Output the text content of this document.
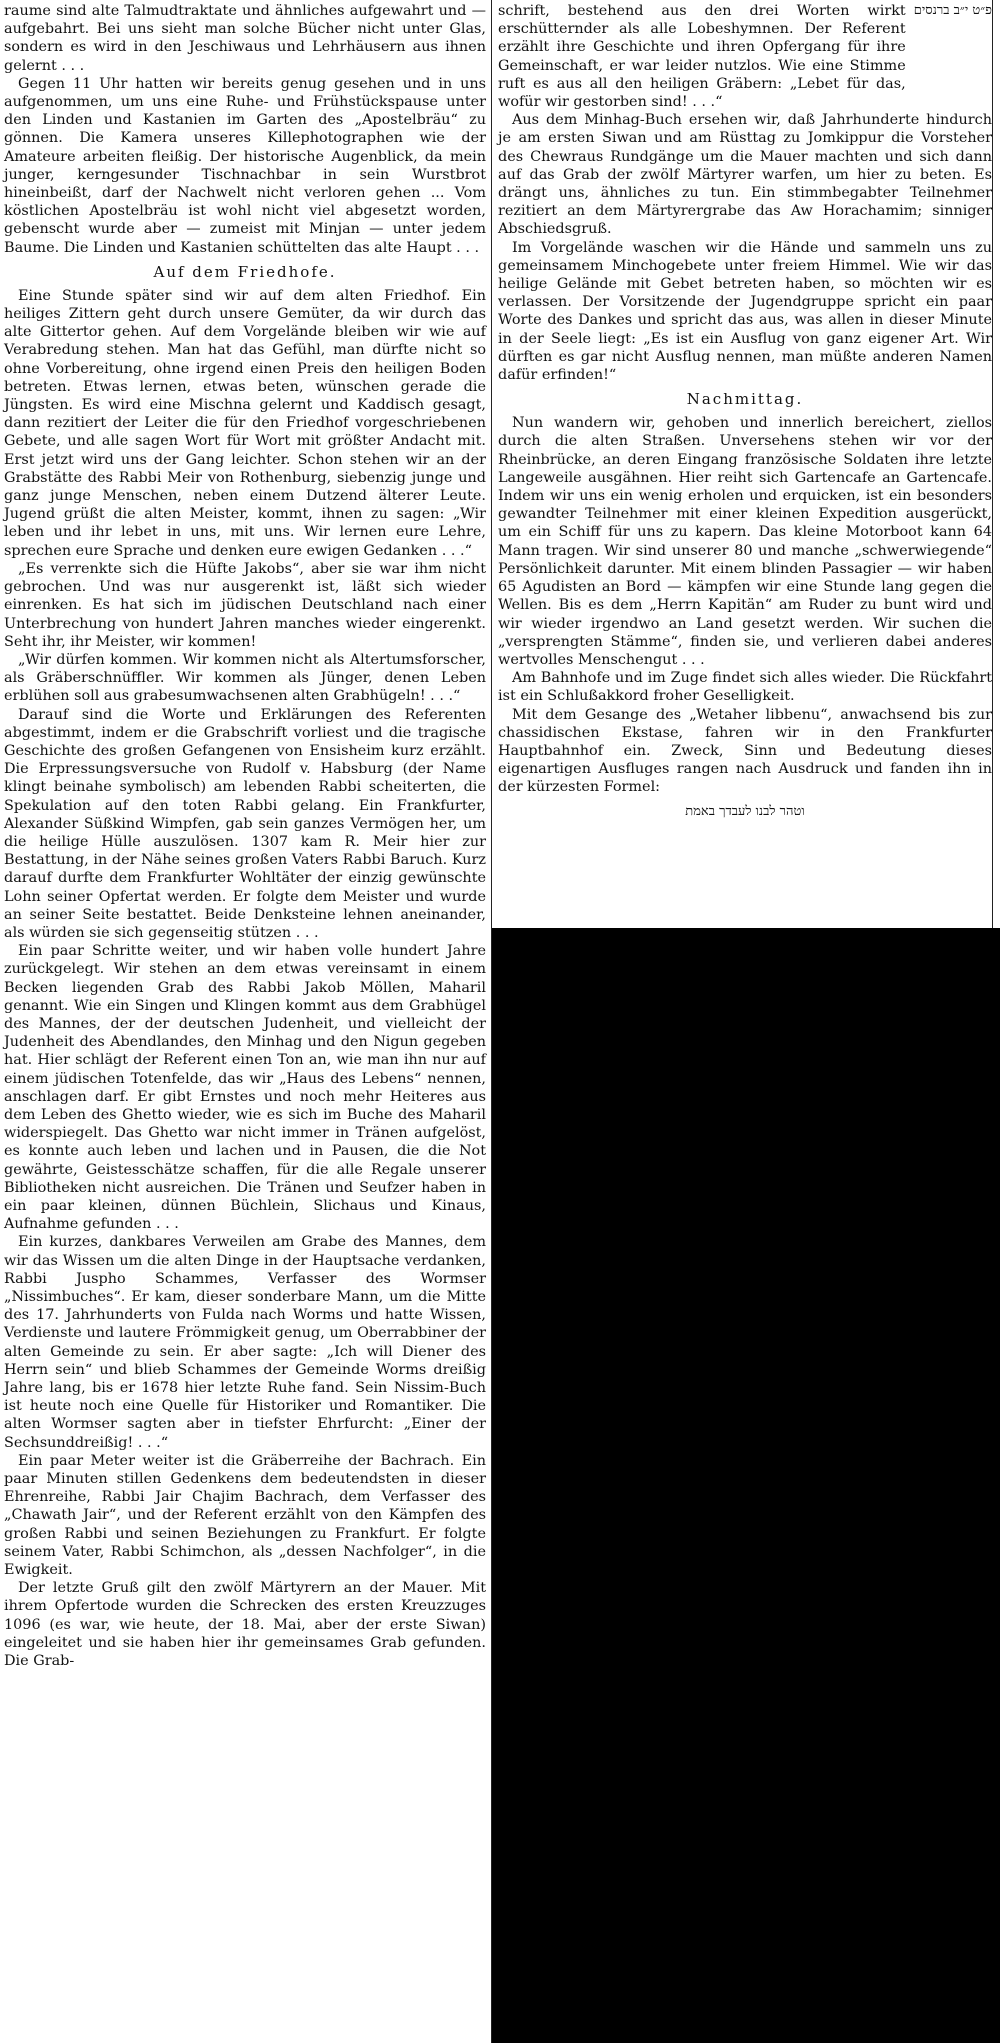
raume sind alte Talmudtraktate und ähnliches aufgewahrt und — aufgebahrt. Bei uns sieht man solche Bücher nicht unter Glas, sondern es wird in den Jeschiwaus und Lehrhäusern aus ihnen gelernt . . .

Gegen 11 Uhr hatten wir bereits genug gesehen und in uns aufgenommen, um uns eine Ruhe- und Frühstückspause unter den Linden und Kastanien im Garten des „Apostelbräu“ zu gönnen. Die Kamera unseres Killephotographen wie der Amateure arbeiten fleißig. Der historische Augenblick, da mein junger, kerngesunder Tischnachbar in sein Wurstbrot hineinbeißt, darf der Nachwelt nicht verloren gehen ... Vom köstlichen Apostelbräu ist wohl nicht viel abgesetzt worden, gebenscht wurde aber — zumeist mit Minjan — unter jedem Baume. Die Linden und Kastanien schüttelten das alte Haupt . . .

Auf dem Friedhofe.

Eine Stunde später sind wir auf dem alten Friedhof. Ein heiliges Zittern geht durch unsere Gemüter, da wir durch das alte Gittertor gehen. Auf dem Vorgelände bleiben wir wie auf Verabredung stehen. Man hat das Gefühl, man dürfte nicht so ohne Vorbereitung, ohne irgend einen Preis den heiligen Boden betreten. Etwas lernen, etwas beten, wünschen gerade die Jüngsten. Es wird eine Mischna gelernt und Kaddisch gesagt, dann rezitiert der Leiter die für den Friedhof vorgeschriebenen Gebete, und alle sagen Wort für Wort mit größter Andacht mit. Erst jetzt wird uns der Gang leichter. Schon stehen wir an der Grabstätte des Rabbi Meir von Rothenburg, siebenzig junge und ganz junge Menschen, neben einem Dutzend älterer Leute. Jugend grüßt die alten Meister, kommt, ihnen zu sagen: „Wir leben und ihr lebet in uns, mit uns. Wir lernen eure Lehre, sprechen eure Sprache und denken eure ewigen Gedanken . . .“

„Es verrenkte sich die Hüfte Jakobs“, aber sie war ihm nicht gebrochen. Und was nur ausgerenkt ist, läßt sich wieder einrenken. Es hat sich im jüdischen Deutschland nach einer Unterbrechung von hundert Jahren manches wieder eingerenkt. Seht ihr, ihr Meister, wir kommen!

„Wir dürfen kommen. Wir kommen nicht als Altertumsforscher, als Gräberschnüffler. Wir kommen als Jünger, denen Leben erblühen soll aus grabesumwachsenen alten Grabhügeln! . . .“

Darauf sind die Worte und Erklärungen des Referenten abgestimmt, indem er die Grabschrift vorliest und die tragische Geschichte des großen Gefangenen von Ensisheim kurz erzählt. Die Erpressungsversuche von Rudolf v. Habsburg (der Name klingt beinahe symbolisch) am lebenden Rabbi scheiterten, die Spekulation auf den toten Rabbi gelang. Ein Frankfurter, Alexander Süßkind Wimpfen, gab sein ganzes Vermögen her, um die heilige Hülle auszulösen. 1307 kam R. Meir hier zur Bestattung, in der Nähe seines großen Vaters Rabbi Baruch. Kurz darauf durfte dem Frankfurter Wohltäter der einzig gewünschte Lohn seiner Opfertat werden. Er folgte dem Meister und wurde an seiner Seite bestattet. Beide Denksteine lehnen aneinander, als würden sie sich gegenseitig stützen . . .

Ein paar Schritte weiter, und wir haben volle hundert Jahre zurückgelegt. Wir stehen an dem etwas vereinsamt in einem Becken liegenden Grab des Rabbi Jakob Möllen, Maharil genannt. Wie ein Singen und Klingen kommt aus dem Grabhügel des Mannes, der der deutschen Judenheit, und vielleicht der Judenheit des Abendlandes, den Minhag und den Nigun gegeben hat. Hier schlägt der Referent einen Ton an, wie man ihn nur auf einem jüdischen Totenfelde, das wir „Haus des Lebens“ nennen, anschlagen darf. Er gibt Ernstes und noch mehr Heiteres aus dem Leben des Ghetto wieder, wie es sich im Buche des Maharil widerspiegelt. Das Ghetto war nicht immer in Tränen aufgelöst, es konnte auch leben und lachen und in Pausen, die die Not gewährte, Geistesschätze schaffen, für die alle Regale unserer Bibliotheken nicht ausreichen. Die Tränen und Seufzer haben in ein paar kleinen, dünnen Büchlein, Slichaus und Kinaus, Aufnahme gefunden . . .

Ein kurzes, dankbares Verweilen am Grabe des Mannes, dem wir das Wissen um die alten Dinge in der Hauptsache verdanken, Rabbi Juspho Schammes, Verfasser des Wormser „Nissimbuches“. Er kam, dieser sonderbare Mann, um die Mitte des 17. Jahrhunderts von Fulda nach Worms und hatte Wissen, Verdienste und lautere Frömmigkeit genug, um Oberrabbiner der alten Gemeinde zu sein. Er aber sagte: „Ich will Diener des Herrn sein“ und blieb Schammes der Gemeinde Worms dreißig Jahre lang, bis er 1678 hier letzte Ruhe fand. Sein Nissim-Buch ist heute noch eine Quelle für Historiker und Romantiker. Die alten Wormser sagten aber in tiefster Ehrfurcht: „Einer der Sechsunddreißig! . . .“

Ein paar Meter weiter ist die Gräberreihe der Bachrach. Ein paar Minuten stillen Gedenkens dem bedeutendsten in dieser Ehrenreihe, Rabbi Jair Chajim Bachrach, dem Verfasser des „Chawath Jair“, und der Referent erzählt von den Kämpfen des großen Rabbi und seinen Beziehungen zu Frankfurt. Er folgte seinem Vater, Rabbi Schimchon, als „dessen Nachfolger“, in die Ewigkeit.

Der letzte Gruß gilt den zwölf Märtyrern an der Mauer. Mit ihrem Opfertode wurden die Schrecken des ersten Kreuzzuges 1096 (es war, wie heute, der 18. Mai, aber der erste Siwan) eingeleitet und sie haben hier ihr gemeinsames Grab gefunden. Die Grab-

schrift, bestehend aus den drei Worten wirkt erschütternder als alle Lobeshymnen. Der Referent erzählt ihre Geschichte und ihren Opfergang für ihre Gemeinschaft, er war leider nutzlos. Wie eine Stimme ruft es aus all den heiligen Gräbern: „Lebet für das, wofür wir gestorben sind! . . .“

פ״ט י״ב ברנסים

Aus dem Minhag-Buch ersehen wir, daß Jahrhunderte hindurch je am ersten Siwan und am Rüsttag zu Jomkippur die Vorsteher des Chewraus Rundgänge um die Mauer machten und sich dann auf das Grab der zwölf Märtyrer warfen, um hier zu beten. Es drängt uns, ähnliches zu tun. Ein stimmbegabter Teilnehmer rezitiert an dem Märtyrergrabe das Aw Horachamim; sinniger Abschiedsgruß.

Im Vorgelände waschen wir die Hände und sammeln uns zu gemeinsamem Minchogebete unter freiem Himmel. Wie wir das heilige Gelände mit Gebet betreten haben, so möchten wir es verlassen. Der Vorsitzende der Jugendgruppe spricht ein paar Worte des Dankes und spricht das aus, was allen in dieser Minute in der Seele liegt: „Es ist ein Ausflug von ganz eigener Art. Wir dürften es gar nicht Ausflug nennen, man müßte anderen Namen dafür erfinden!“

Nachmittag.

Nun wandern wir, gehoben und innerlich bereichert, ziellos durch die alten Straßen. Unversehens stehen wir vor der Rheinbrücke, an deren Eingang französische Soldaten ihre letzte Langeweile ausgähnen. Hier reiht sich Gartencafe an Gartencafe. Indem wir uns ein wenig erholen und erquicken, ist ein besonders gewandter Teilnehmer mit einer kleinen Expedition ausgerückt, um ein Schiff für uns zu kapern. Das kleine Motorboot kann 64 Mann tragen. Wir sind unserer 80 und manche „schwerwiegende“ Persönlichkeit darunter. Mit einem blinden Passagier — wir haben 65 Agudisten an Bord — kämpfen wir eine Stunde lang gegen die Wellen. Bis es dem „Herrn Kapitän“ am Ruder zu bunt wird und wir wieder irgendwo an Land gesetzt werden. Wir suchen die „versprengten Stämme“, finden sie, und verlieren dabei anderes wertvolles Menschengut . . .

Am Bahnhofe und im Zuge findet sich alles wieder. Die Rückfahrt ist ein Schlußakkord froher Geselligkeit.

Mit dem Gesange des „Wetaher libbenu“, anwachsend bis zur chassidischen Ekstase, fahren wir in den Frankfurter Hauptbahnhof ein. Zweck, Sinn und Bedeutung dieses eigenartigen Ausfluges rangen nach Ausdruck und fanden ihn in der kürzesten Formel:

וטהר לבנו לעבדך באמת
